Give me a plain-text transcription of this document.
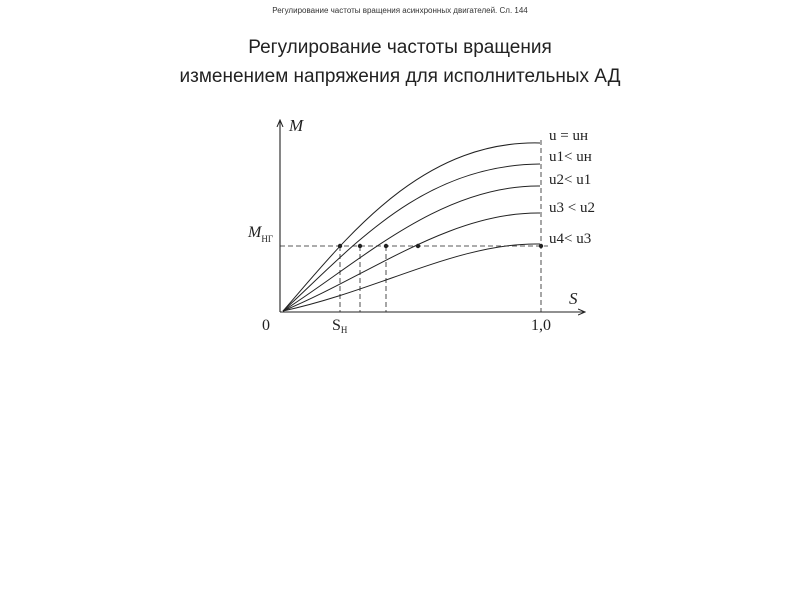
Регулирование частоты вращения асинхронных двигателей. Сл. 144
Регулирование частоты вращения
изменением напряжения для исполнительных АД
M
S
0
$M_{НГ}$
SН	1,0
u = uн
u1< uн
u2< u1
u3 < u2
u4< u3
